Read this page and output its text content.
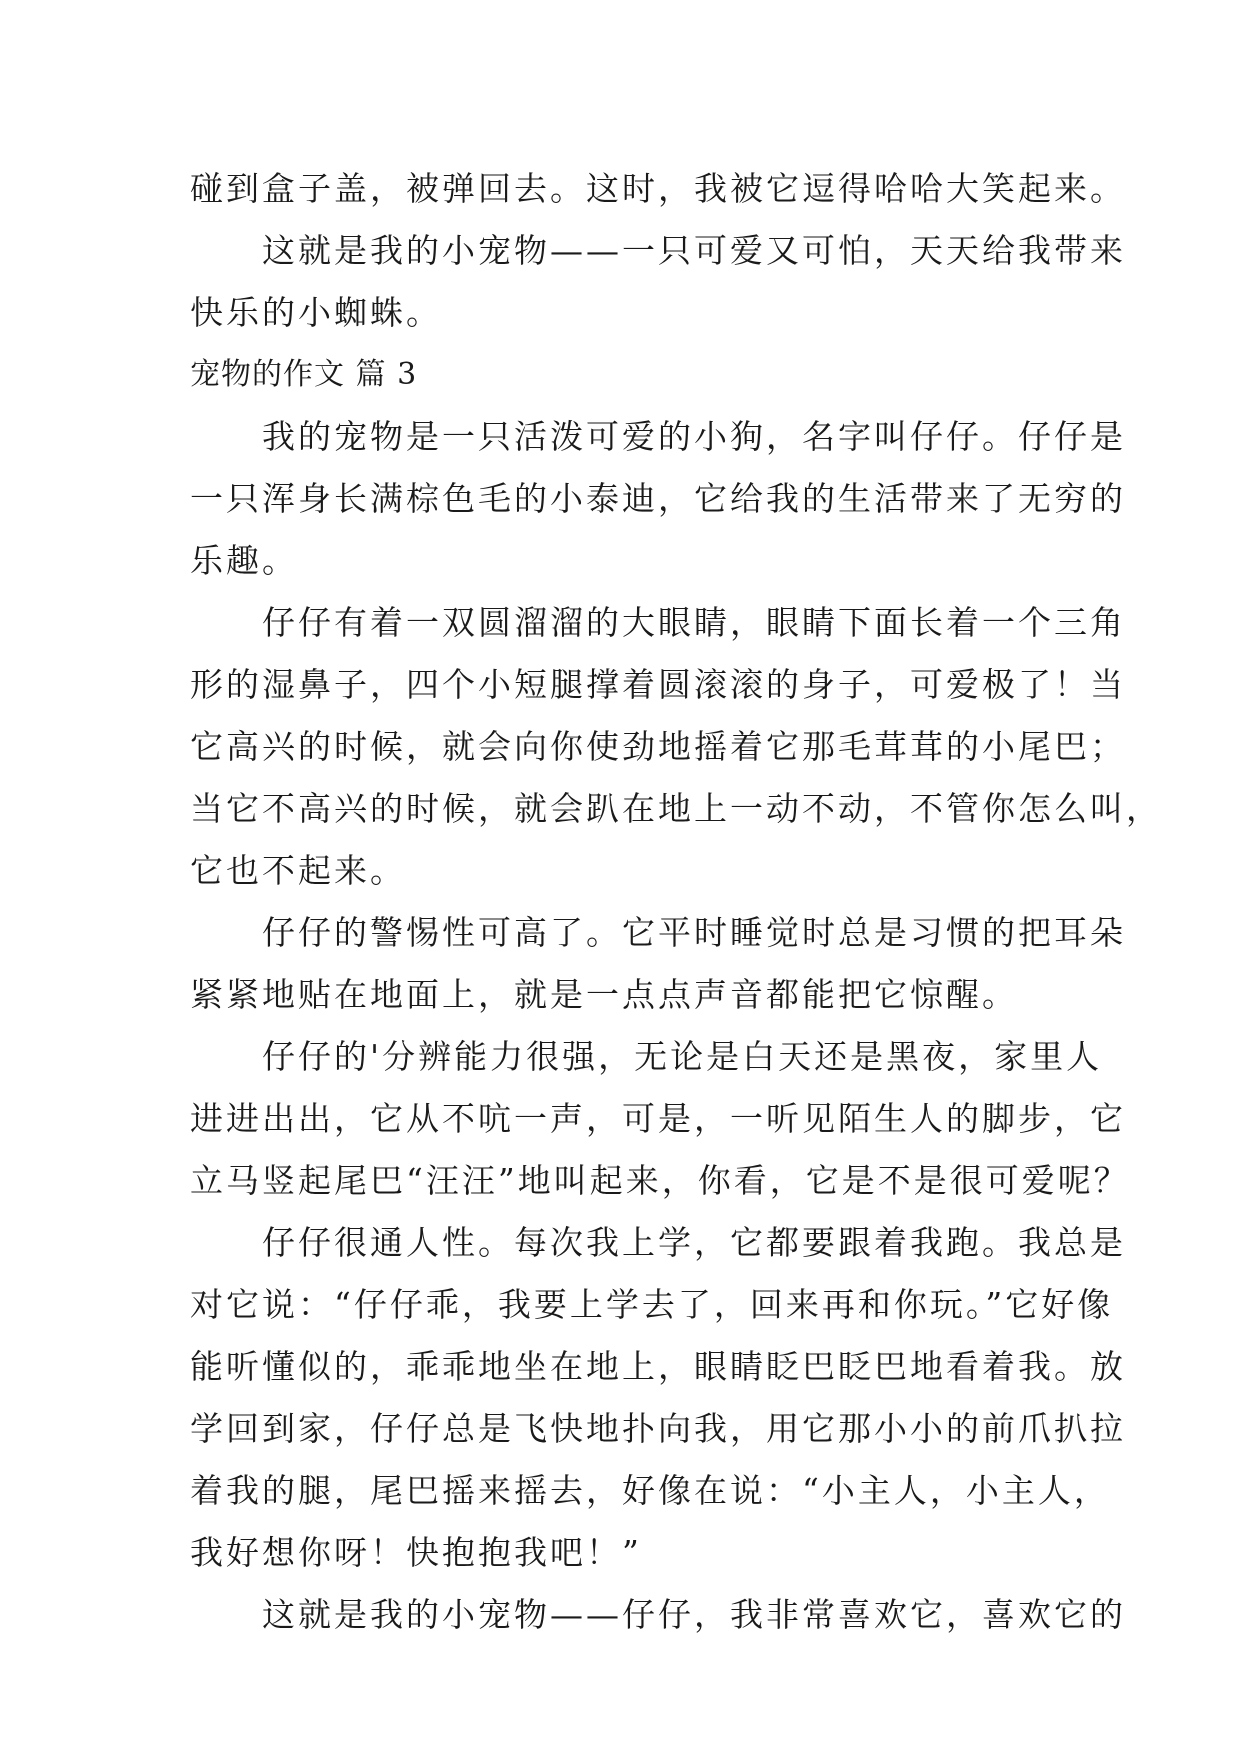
碰到盒子盖，被弹回去。这时，我被它逗得哈哈大笑起来。
　　这就是我的小宠物——一只可爱又可怕，天天给我带来
快乐的小蜘蛛。
宠物的作文 篇 3
　　我的宠物是一只活泼可爱的小狗，名字叫仔仔。仔仔是
一只浑身长满棕色毛的小泰迪，它给我的生活带来了无穷的
乐趣。
　　仔仔有着一双圆溜溜的大眼睛，眼睛下面长着一个三角
形的湿鼻子，四个小短腿撑着圆滚滚的身子，可爱极了！当
它高兴的时候，就会向你使劲地摇着它那毛茸茸的小尾巴；
当它不高兴的时候，就会趴在地上一动不动，不管你怎么叫，
它也不起来。
　　仔仔的警惕性可高了。它平时睡觉时总是习惯的把耳朵
紧紧地贴在地面上，就是一点点声音都能把它惊醒。
　　仔仔的'分辨能力很强，无论是白天还是黑夜，家里人
进进出出，它从不吭一声，可是，一听见陌生人的脚步，它
立马竖起尾巴“汪汪”地叫起来，你看，它是不是很可爱呢？
　　仔仔很通人性。每次我上学，它都要跟着我跑。我总是
对它说：“仔仔乖，我要上学去了，回来再和你玩。”它好像
能听懂似的，乖乖地坐在地上，眼睛眨巴眨巴地看着我。放
学回到家，仔仔总是飞快地扑向我，用它那小小的前爪扒拉
着我的腿，尾巴摇来摇去，好像在说：“小主人，小主人，
我好想你呀！快抱抱我吧！”
　　这就是我的小宠物——仔仔，我非常喜欢它，喜欢它的
